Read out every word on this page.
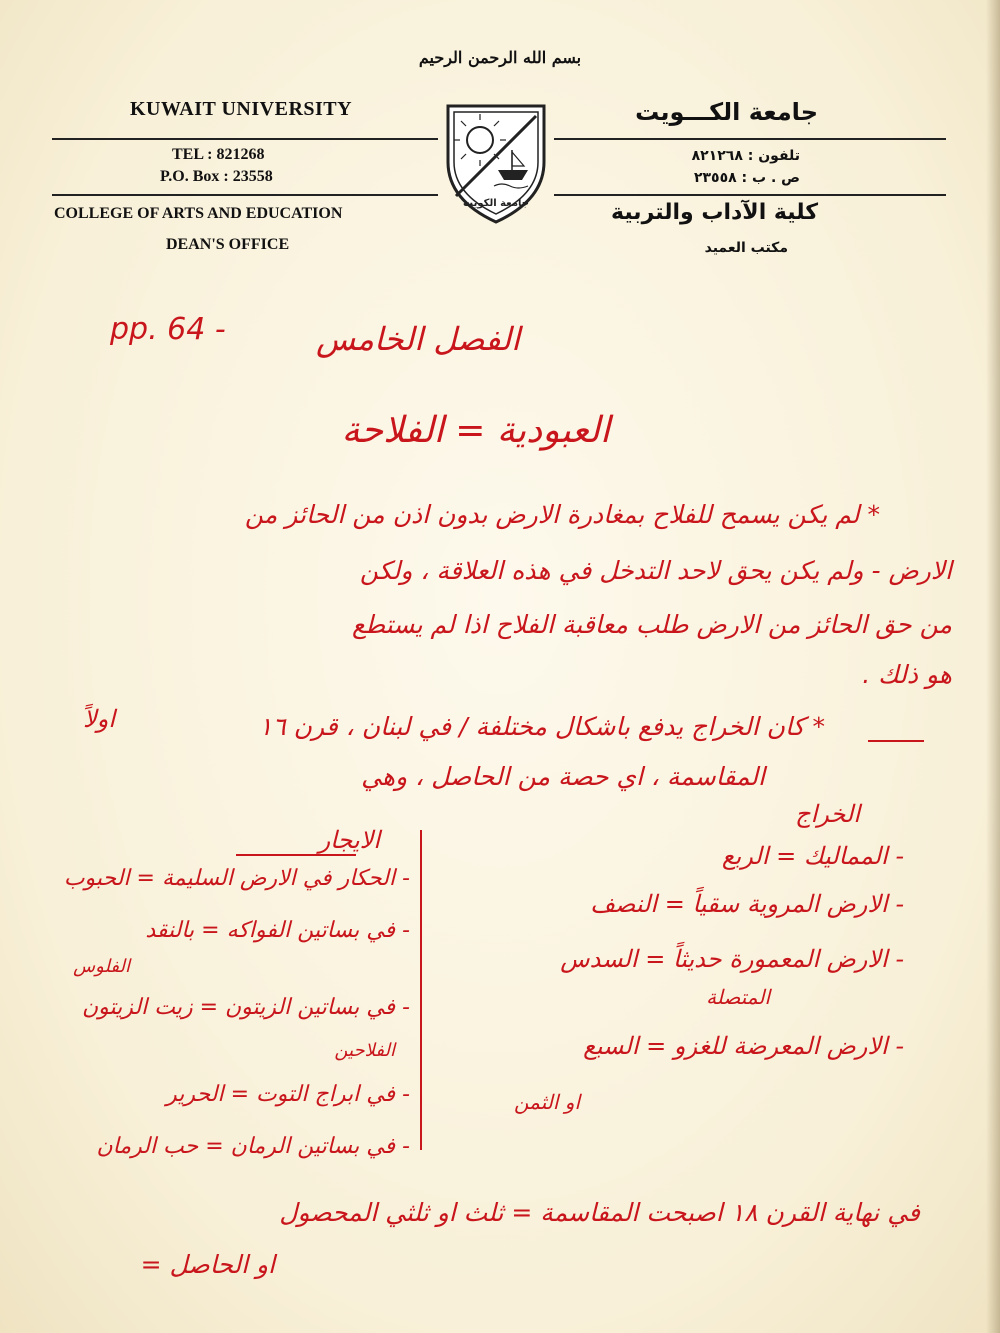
بسم الله الرحمن الرحيم
KUWAIT UNIVERSITY	جامعة الكـــويت
TEL : 821268
P.O. Box : 23558
تلفون : ٨٢١٢٦٨
ص . ب : ٢٣٥٥٨
COLLEGE OF ARTS AND EDUCATION
DEAN'S OFFICE
كلية الآداب والتربية
مكتب العميد
جامعة الكويت
pp. 64 -	الفصل الخامس
العبودية = الفلاحة
* لم يكن يسمح للفلاح بمغادرة الارض بدون اذن من الحائز من
الارض - ولم يكن يحق لاحد التدخل في هذه العلاقة ، ولكن
من حق الحائز من الارض طلب معاقبة الفلاح اذا لم يستطع
هو ذلك .
اولاً	* كان الخراج يدفع باشكال مختلفة / في لبنان ، قرن ١٦
المقاسمة ، اي حصة من الحاصل ، وهي
الخراج
- المماليك = الربع
- الارض المروية سقياً = النصف
- الارض المعمورة حديثاً = السدس
المتصلة
- الارض المعرضة للغزو = السبع
او الثمن
الايجار
- الحكار في الارض السليمة = الحبوب
- في بساتين الفواكه = بالنقد
الفلوس
- في بساتين الزيتون = زيت الزيتون
الفلاحين
- في ابراج التوت = الحرير
- في بساتين الرمان = حب الرمان
في نهاية القرن ١٨ اصبحت المقاسمة = ثلث او ثلثي المحصول
او الحاصل =
